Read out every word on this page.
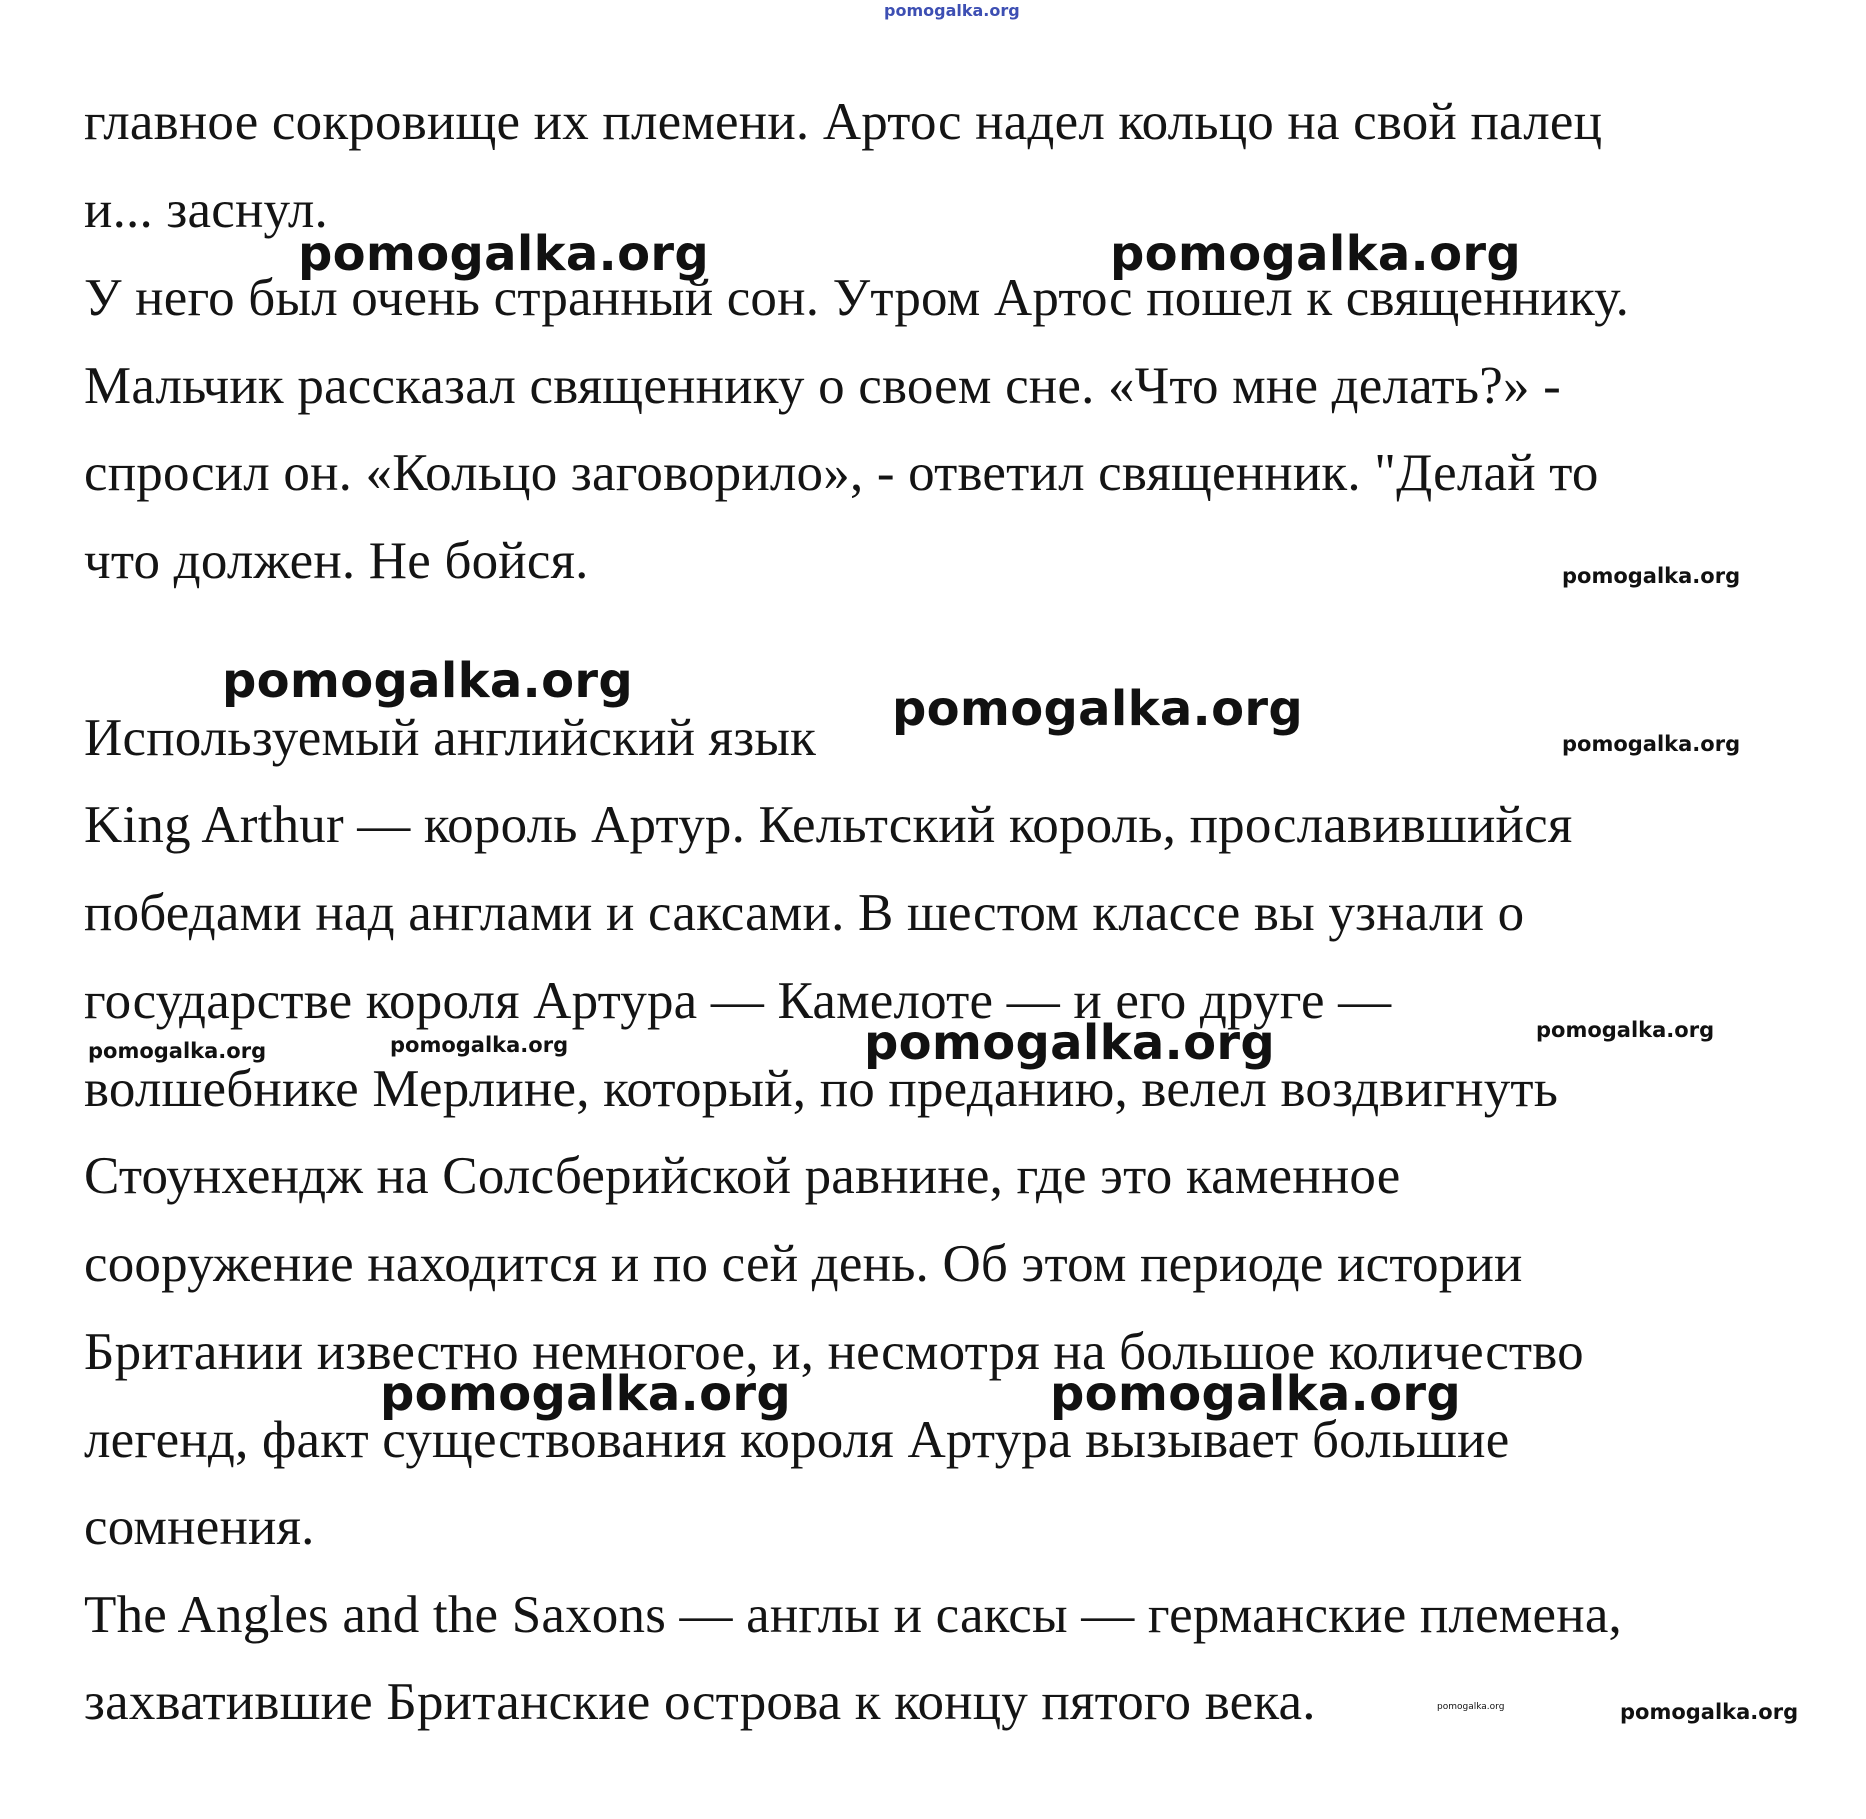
pomogalka.org

главное сокровище их племени. Артос надел кольцо на свой палец

и... заснул.

У него был очень странный сон. Утром Артос пошел к священнику.

Мальчик рассказал священнику о своем сне. «Что мне делать?» -

спросил он. «Кольцо заговорило», - ответил священник. "Делай то

что должен. Не бойся.

Используемый английский язык

King Arthur — король Артур. Кельтский король, прославившийся

победами над англами и саксами. В шестом классе вы узнали о

государстве короля Артура — Камелоте — и его друге —

волшебнике Мерлине, который, по преданию, велел воздвигнуть

Стоунхендж на Солсберийской равнине, где это каменное

сооружение находится и по сей день. Об этом периоде истории

Британии известно немногое, и, несмотря на большое количество

легенд, факт существования короля Артура вызывает большие

сомнения.

The Angles and the Saxons — англы и саксы — германские племена,

захватившие Британские острова к концу пятого века.

pomogalka.org	pomogalka.org
pomogalka.org
pomogalka.org	pomogalka.org
pomogalka.org
pomogalka.org	pomogalka.org
pomogalka.org
pomogalka.org
pomogalka.org	pomogalka.org
pomogalka.org	pomogalka.org
